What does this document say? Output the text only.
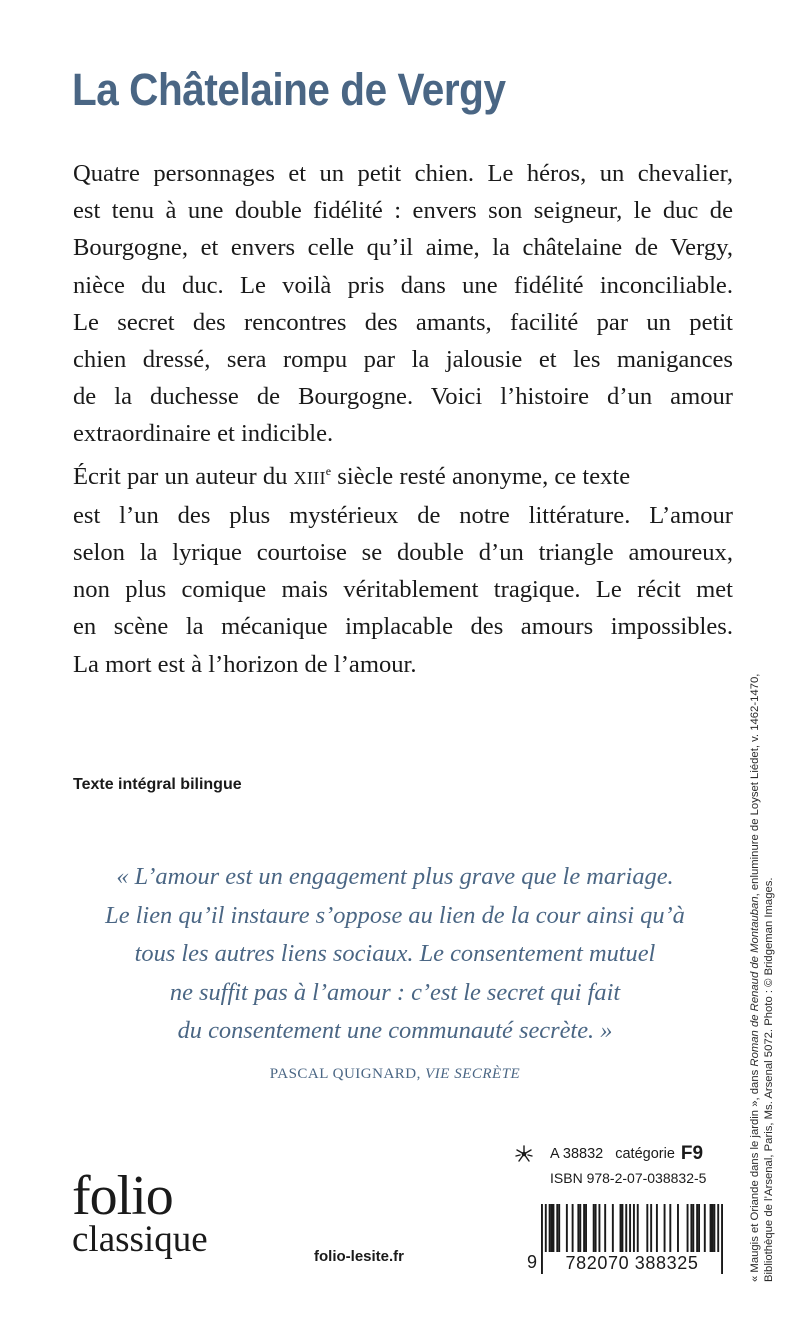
La Châtelaine de Vergy
Quatre personnages et un petit chien. Le héros, un chevalier,
est tenu à une double fidélité : envers son seigneur, le duc de
Bourgogne, et envers celle qu’il aime, la châtelaine de Vergy,
nièce du duc. Le voilà pris dans une fidélité inconciliable.
Le secret des rencontres des amants, facilité par un petit
chien dressé, sera rompu par la jalousie et les manigances
de la duchesse de Bourgogne. Voici l’histoire d’un amour
extraordinaire et indicible.
Écrit par un auteur du XIIIe siècle resté anonyme, ce texte
est l’un des plus mystérieux de notre littérature. L’amour
selon la lyrique courtoise se double d’un triangle amoureux,
non plus comique mais véritablement tragique. Le récit met
en scène la mécanique implacable des amours impossibles.
La mort est à l’horizon de l’amour.
Texte intégral bilingue
« L’amour est un engagement plus grave que le mariage.
Le lien qu’il instaure s’oppose au lien de la cour ainsi qu’à
tous les autres liens sociaux. Le consentement mutuel
ne suffit pas à l’amour : c’est le secret qui fait
du consentement une communauté secrète. »
PASCAL QUIGNARD, VIE SECRÈTE
folio
classique	folio-lesite.fr
A 38832 catégorie F9
ISBN 978-2-07-038832-5
9	782070 388325	« Maugis et Oriande dans le jardin », dans Roman de Renaud de Montauban, enluminure de Loyset Liédet, v. 1462-1470,
Bibliothèque de l’Arsenal, Paris, Ms. Arsenal 5072. Photo : © Bridgeman Images.
